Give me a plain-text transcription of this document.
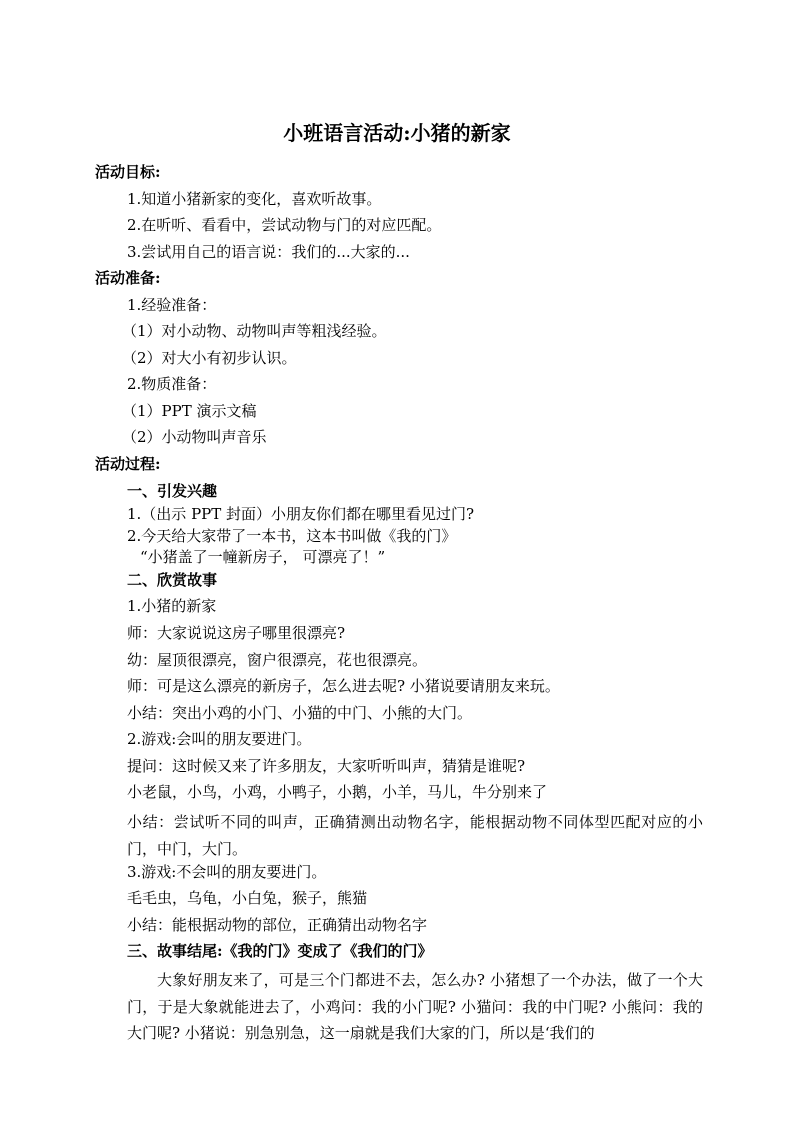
小班语言活动:小猪的新家
活动目标:
1.知道小猪新家的变化，喜欢听故事。
2.在听听、看看中，尝试动物与门的对应匹配。
3.尝试用自己的语言说：我们的...大家的...
活动准备:
1.经验准备：
（1）对小动物、动物叫声等粗浅经验。
（2）对大小有初步认识。
2.物质准备：
（1）PPT 演示文稿
（2）小动物叫声音乐
活动过程:
一、引发兴趣
1.（出示 PPT 封面）小朋友你们都在哪里看见过门?
2.今天给大家带了一本书，这本书叫做《我的门》
“小猪盖了一幢新房子， 可漂亮了！”
二、欣赏故事
1.小猪的新家
师：大家说说这房子哪里很漂亮?
幼：屋顶很漂亮，窗户很漂亮，花也很漂亮。
师：可是这么漂亮的新房子，怎么进去呢? 小猪说要请朋友来玩。
小结：突出小鸡的小门、小猫的中门、小熊的大门。
2.游戏:会叫的朋友要进门。
提问：这时候又来了许多朋友，大家听听叫声，猜猜是谁呢?
小老鼠，小鸟，小鸡，小鸭子，小鹅，小羊，马儿，牛分别来了
小结：尝试听不同的叫声，正确猜测出动物名字，能根据动物不同体型匹配对应的小门，中门，大门。
3.游戏:不会叫的朋友要进门。
毛毛虫，乌龟，小白兔，猴子，熊猫
小结：能根据动物的部位，正确猜出动物名字
三、故事结尾:《我的门》变成了《我们的门》
大象好朋友来了，可是三个门都进不去，怎么办? 小猪想了一个办法，做了一个大门，于是大象就能进去了，小鸡问：我的小门呢? 小猫问：我的中门呢? 小熊问：我的大门呢? 小猪说：别急别急，这一扇就是我们大家的门，所以是‘我们的
